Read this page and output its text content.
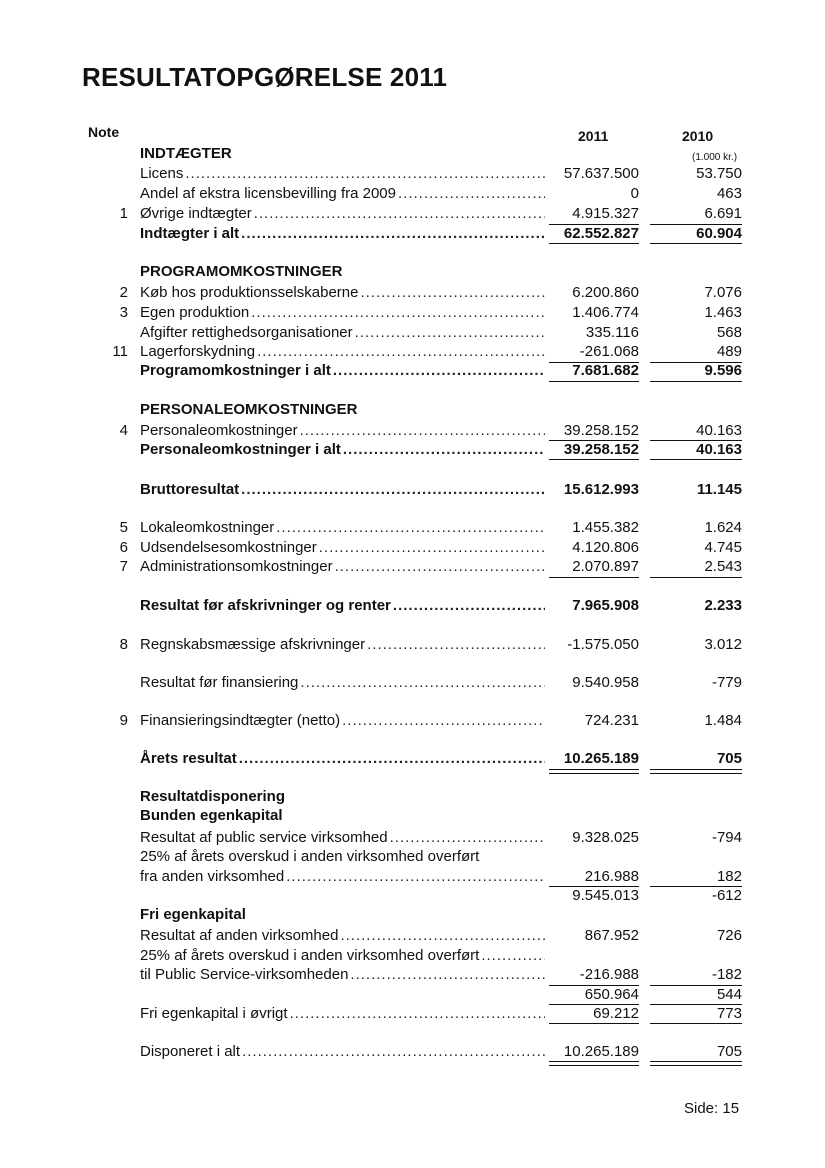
RESULTATOPGØRELSE 2011
Note	2011	2010
(1.000 kr.)
INDTÆGTER
Licens .....	57.637.500	53.750
Andel af ekstra licensbevilling fra 2009 .....	0	463
1 Øvrige indtægter .....	4.915.327	6.691
Indtægter i alt .....	62.552.827	60.904
PROGRAMOMKOSTNINGER
2 Køb hos produktionsselskaberne .....	6.200.860	7.076
3 Egen produktion .....	1.406.774	1.463
Afgifter rettighedsorganisationer .....	335.116	568
11 Lagerforskydning .....	-261.068	489
Programomkostninger i alt .....	7.681.682	9.596
PERSONALEOMKOSTNINGER
4 Personaleomkostninger .....	39.258.152	40.163
Personaleomkostninger i alt .....	39.258.152	40.163
Bruttoresultat .....	15.612.993	11.145
5 Lokaleomkostninger .....	1.455.382	1.624
6 Udsendelsesomkostninger .....	4.120.806	4.745
7 Administrationsomkostninger .....	2.070.897	2.543
Resultat før afskrivninger og renter .....	7.965.908	2.233
8 Regnskabsmæssige afskrivninger .....	-1.575.050	3.012
Resultat før finansiering .....	9.540.958	-779
9 Finansieringsindtægter (netto) .....	724.231	1.484
Årets resultat .....	10.265.189	705
Resultatdisponering
Bunden egenkapital
Resultat af public service virksomhed .....	9.328.025	-794
25% af årets overskud i anden virksomhed overført
fra anden virksomhed .....	216.988	182
9.545.013	-612
Fri egenkapital
Resultat af anden virksomhed .....	867.952	726
25% af årets overskud i anden virksomhed overført .....
til Public Service-virksomheden .....	-216.988	-182
650.964	544
Fri egenkapital i øvrigt .....	69.212	773
Disponeret i alt .....	10.265.189	705
Side: 15
